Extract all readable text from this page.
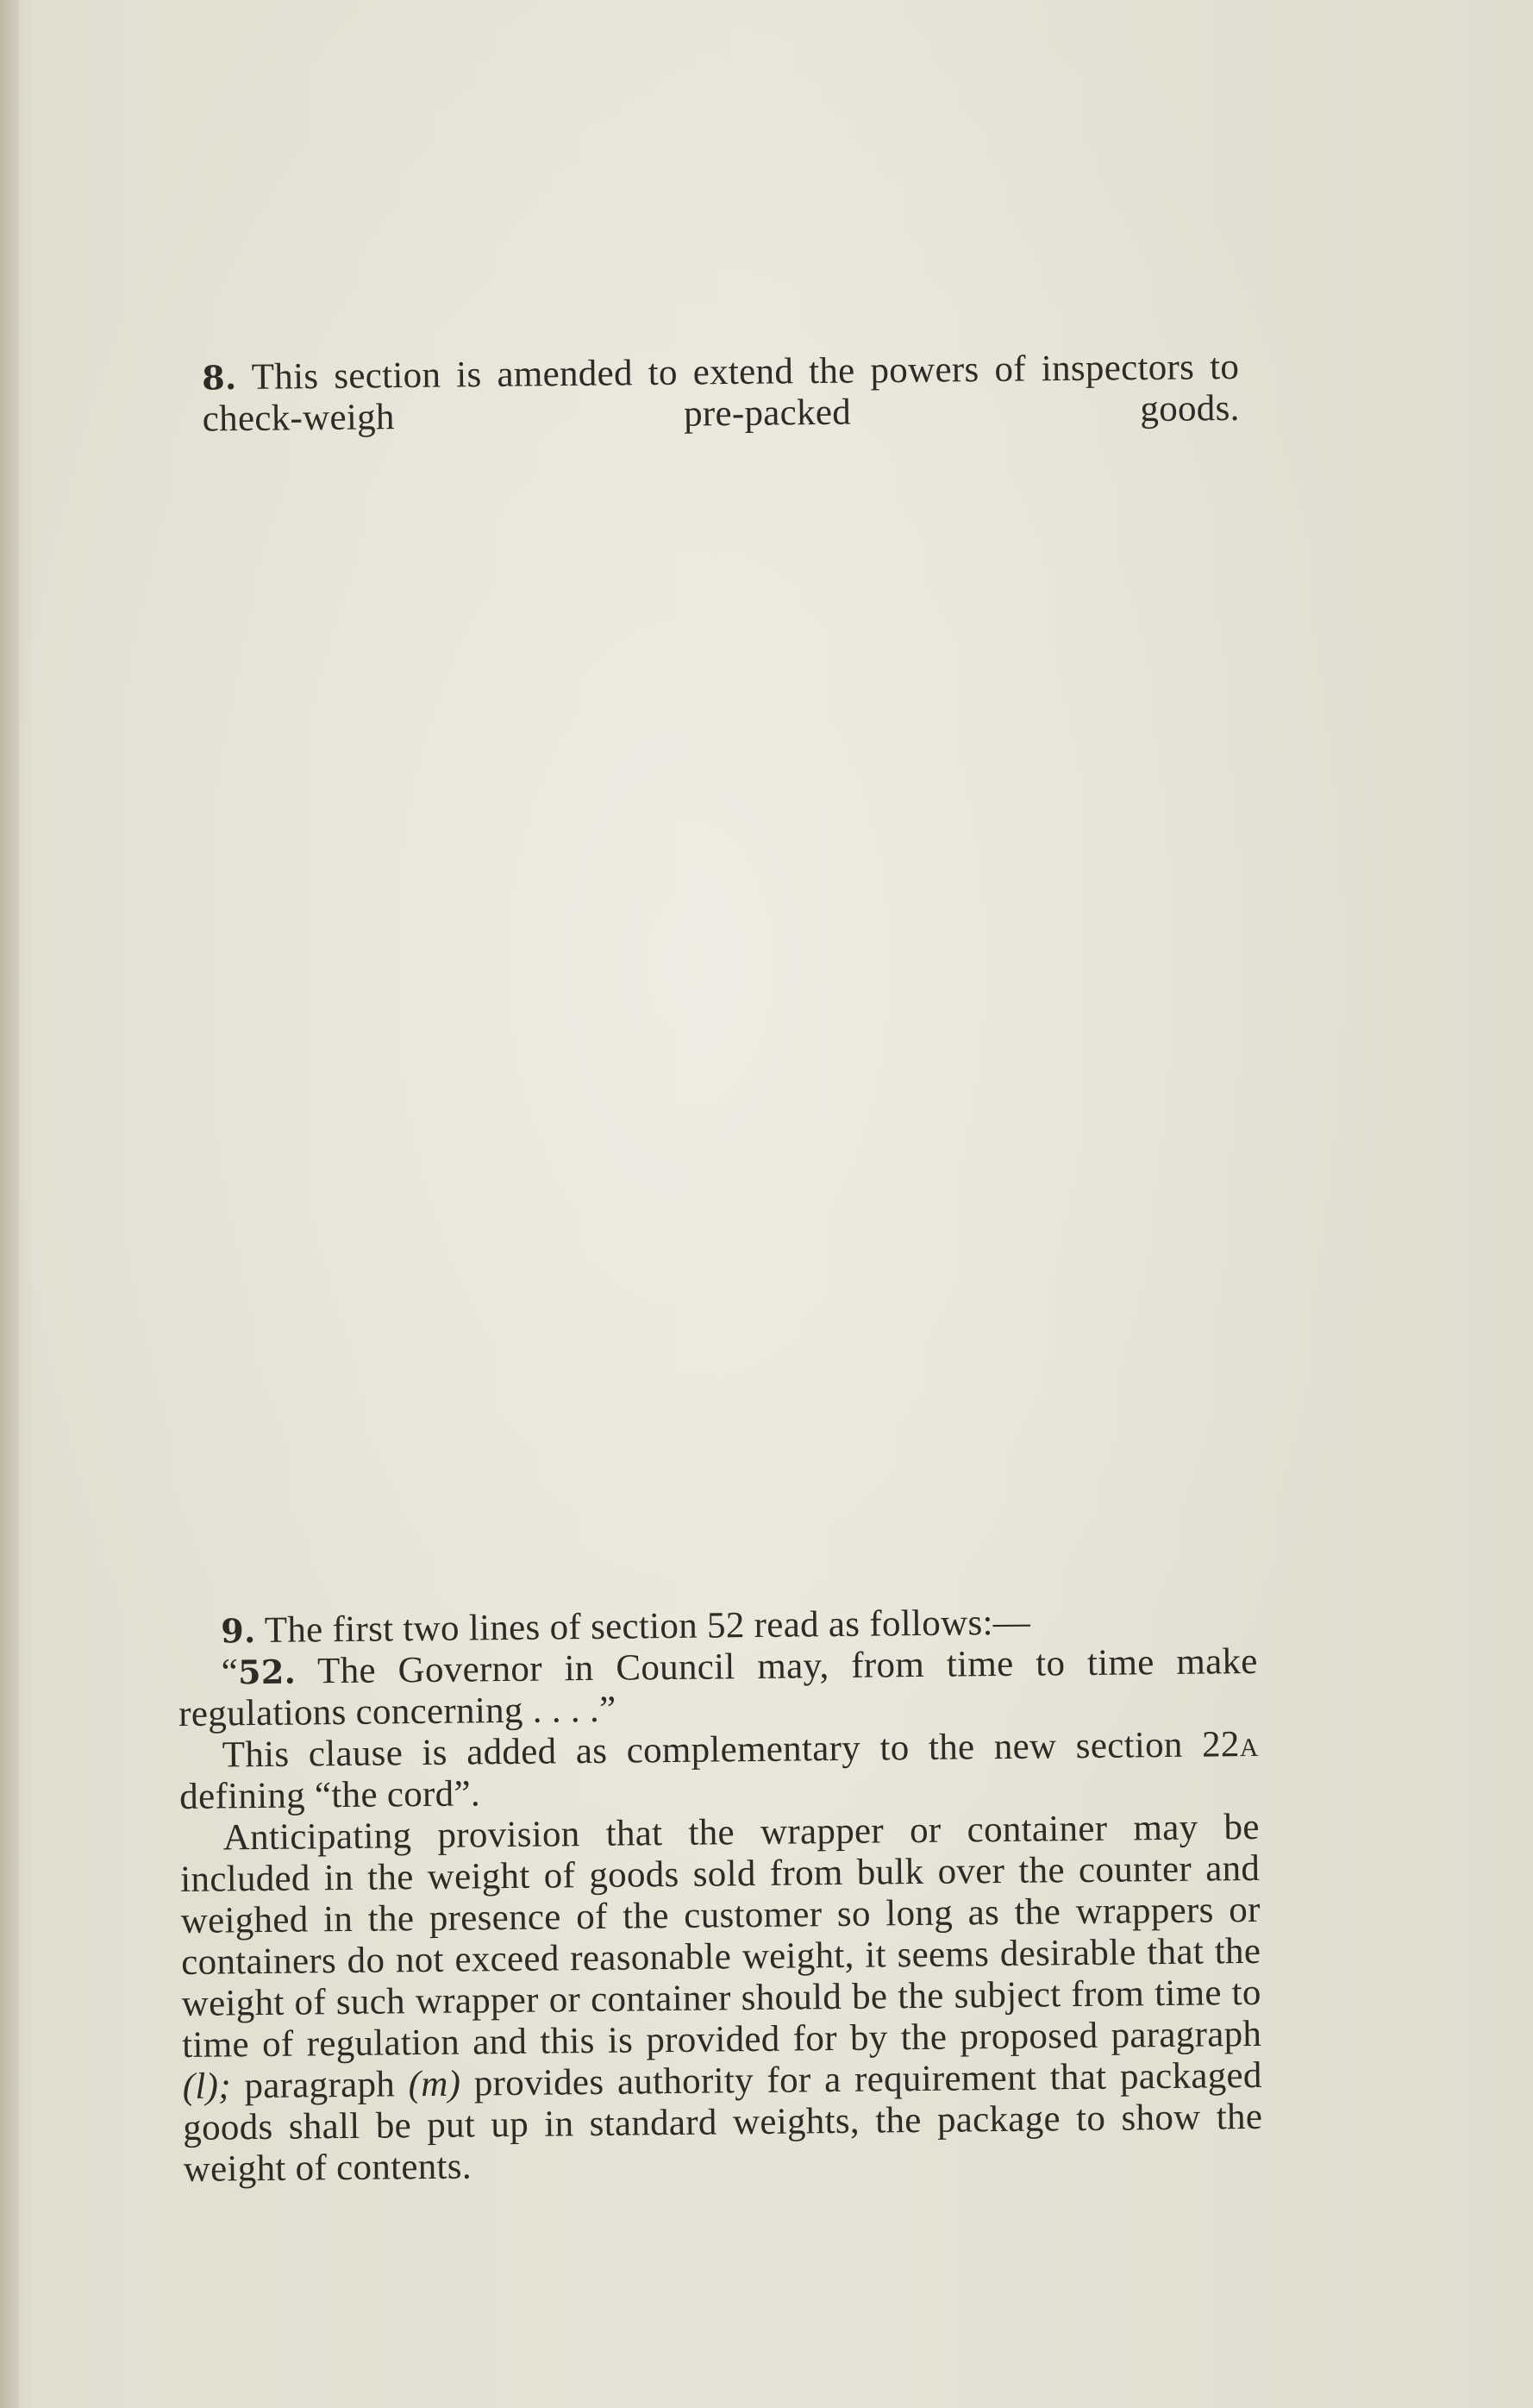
8. This section is amended to extend the powers of inspectors to check-weigh pre-packed goods.

9. The first two lines of section 52 read as follows:—

“52. The Governor in Council may, from time to time make regulations concerning . . . .”

This clause is added as complementary to the new section 22a defining “the cord”.

Anticipating provision that the wrapper or container may be included in the weight of goods sold from bulk over the counter and weighed in the presence of the customer so long as the wrappers or containers do not exceed reasonable weight, it seems desirable that the weight of such wrapper or container should be the subject from time to time of regulation and this is provided for by the proposed paragraph (l); paragraph (m) provides authority for a requirement that packaged goods shall be put up in standard weights, the package to show the weight of contents.
